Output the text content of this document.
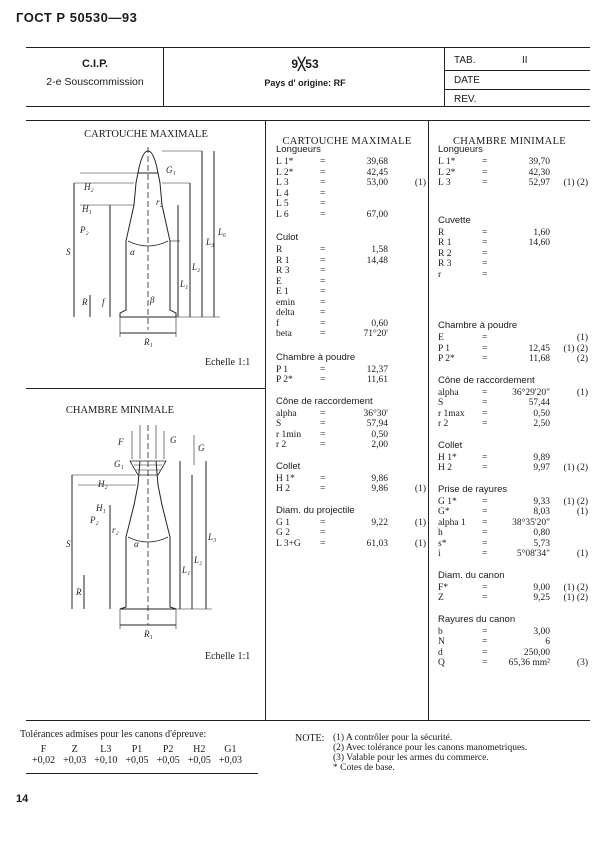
ГОСТ Р 50530—93
C.I.P.
2-e Souscommission
9╳53
Pays d' origine: RF
TAB.	II
DATE
REV.
CARTOUCHE MAXIMALE
H₂
G₁
r₂
H₁
P₂
α
S
L₁
L₂
L₃
L₆
R f	β
R₁
Echelle 1:1
CHAMBRE MINIMALE
F	G
G
G₁
H₂
H₁
P₂
r₂
α
S
L₁
L₂
L₃
R
R₁
Echelle 1:1
CARTOUCHE MAXIMALE
Longueurs
L 1*	=	39,68	
L 2*	=	42,45	
L 3	=	53,00	(1)
L 4	=		
L 5	=		
L 6	=	67,00	
Culot
R	=	1,58	
R 1	=	14,48	
R 3	=		
E	=		
E 1	=		
emin	=		
delta	=		
f	=	0,60	
beta	=	71°20'	
Chambre à poudre
P 1	=	12,37	
P 2*	=	11,61	
Cône de raccordement
alpha	=	36°30'	
S	=	57,94	
r 1min	=	0,50	
r 2	=	2,00	
Collet
H 1*	=	9,86	
H 2	=	9,86	(1)
Diam. du projectile
G 1	=	9,22	(1)
G 2	=		
L 3+G	=	61,03	(1)
CHAMBRE MINIMALE
Longueurs
L 1*	=	39,70	
L 2*	=	42,30	
L 3	=	52,97	(1) (2)
Cuvette
R	=	1,60	
R 1	=	14,60	
R 2	=		
R 3	=		
r	=		
Chambre à poudre
E	=		(1)
P 1	=	12,45	(1) (2)
P 2*	=	11,68	(2)
Cône de raccordement
alpha	=	36°29'20"	(1)
S	=	57,44	
r 1max	=	0,50	
r 2	=	2,50	
Collet
H 1*	=	9,89	
H 2	=	9,97	(1) (2)
Prise de rayures
G 1*	=	9,33	(1) (2)
G*	=	8,03	(1)
alpha 1	=	38°35'20"	
h	=	0,80	
s*	=	5,73	
i	=	5°08'34"	(1)
Diam. du canon
F*	=	9,00	(1) (2)
Z	=	9,25	(1) (2)
Rayures du canon
b	=	3,00	
N	=	6	
d	=	250,00	
Q	=	65,36 mm²	(3)
Tolérances admises pour les canons d'épreuve:
F	Z	L3	P1	P2	H2	G1
+0,02	+0,03	+0,10	+0,05	+0,05	+0,05	+0,03
NOTE: (1) A contrôler pour la sécurité.
(2) Avec tolérance pour les canons manometriques.
(3) Valable pour les armes du commerce.
* Cotes de base.
14
